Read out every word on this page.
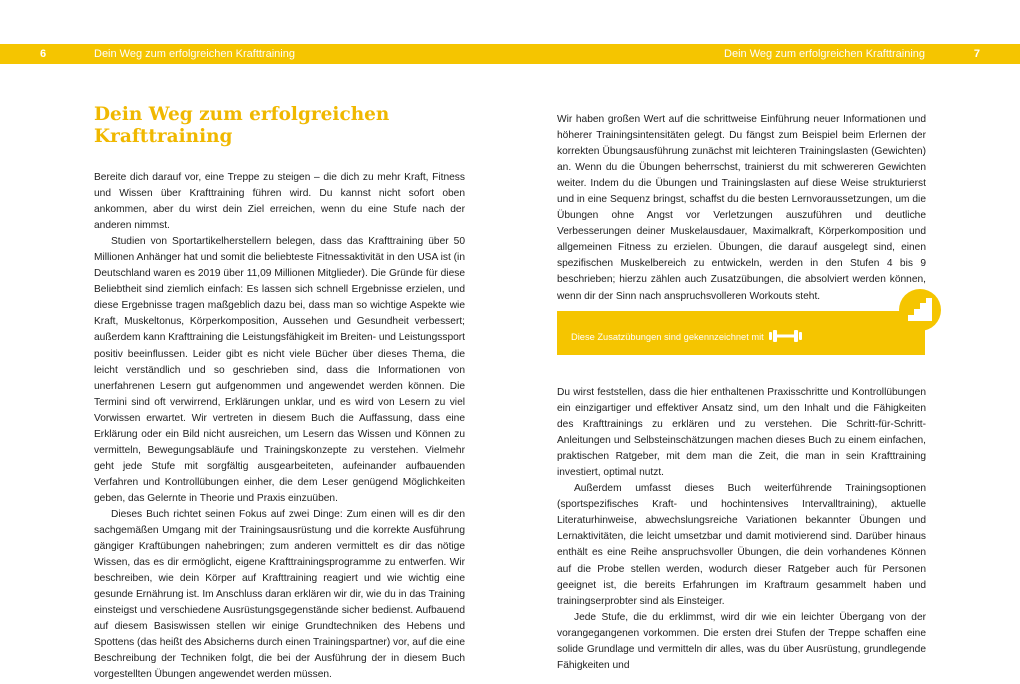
6	Dein Weg zum erfolgreichen Krafttraining	Dein Weg zum erfolgreichen Krafttraining	7
Dein Weg zum erfolgreichen Krafttraining

Bereite dich darauf vor, eine Treppe zu steigen – die dich zu mehr Kraft, Fitness und Wissen über Krafttraining führen wird. Du kannst nicht sofort oben ankommen, aber du wirst dein Ziel erreichen, wenn du eine Stufe nach der anderen nimmst.

Studien von Sportartikelherstellern belegen, dass das Krafttraining über 50 Millionen Anhänger hat und somit die beliebteste Fitnessaktivität in den USA ist (in Deutschland waren es 2019 über 11,09 Millionen Mitglieder). Die Gründe für diese Beliebtheit sind ziemlich einfach: Es lassen sich schnell Ergebnisse erzielen, und diese Ergebnisse tragen maßgeblich dazu bei, dass man so wichtige Aspekte wie Kraft, Muskeltonus, Körperkomposition, Aussehen und Gesundheit verbessert; außerdem kann Krafttraining die Leistungsfähigkeit im Breiten- und Leistungssport positiv beeinflussen. Leider gibt es nicht viele Bücher über dieses Thema, die leicht verständlich und so geschrieben sind, dass die Informationen von unerfahrenen Lesern gut aufgenommen und angewendet werden können. Die Termini sind oft verwirrend, Erklärungen unklar, und es wird von Lesern zu viel Vorwissen erwartet. Wir vertreten in diesem Buch die Auffassung, dass eine Erklärung oder ein Bild nicht ausreichen, um Lesern das Wissen und Können zu vermitteln, Bewegungsabläufe und Trainingskonzepte zu verstehen. Vielmehr geht jede Stufe mit sorgfältig ausgearbeiteten, aufeinander aufbauenden Verfahren und Kontrollübungen einher, die dem Leser genügend Möglichkeiten geben, das Gelernte in Theorie und Praxis einzuüben.

Dieses Buch richtet seinen Fokus auf zwei Dinge: Zum einen will es dir den sachgemäßen Umgang mit der Trainingsausrüstung und die korrekte Ausführung gängiger Kraftübungen nahebringen; zum anderen vermittelt es dir das nötige Wissen, das es dir ermöglicht, eigene Krafttrainingsprogramme zu entwerfen. Wir beschreiben, wie dein Körper auf Krafttraining reagiert und wie wichtig eine gesunde Ernährung ist. Im Anschluss daran erklären wir dir, wie du in das Training einsteigst und verschiedene Ausrüstungsgegenstände sicher bedienst. Aufbauend auf diesem Basiswissen stellen wir einige Grundtechniken des Hebens und Spottens (das heißt des Absicherns durch einen Trainingspartner) vor, auf die eine Beschreibung der Techniken folgt, die bei der Ausführung der in diesem Buch vorgestellten Übungen angewendet werden müssen.

Wir haben großen Wert auf die schrittweise Einführung neuer Informationen und höherer Trainingsintensitäten gelegt. Du fängst zum Beispiel beim Erlernen der korrekten Übungsausführung zunächst mit leichteren Trainingslasten (Gewichten) an. Wenn du die Übungen beherrschst, trainierst du mit schwereren Gewichten weiter. Indem du die Übungen und Trainingslasten auf diese Weise strukturierst und in eine Sequenz bringst, schaffst du die besten Lernvoraussetzungen, um die Übungen ohne Angst vor Verletzungen auszuführen und deutliche Verbesserungen deiner Muskelausdauer, Maximalkraft, Körperkomposition und allgemeinen Fitness zu erzielen. Übungen, die darauf ausgelegt sind, einen spezifischen Muskelbereich zu entwickeln, werden in den Stufen 4 bis 9 beschrieben; hierzu zählen auch Zusatzübungen, die absolviert werden können, wenn dir der Sinn nach anspruchsvolleren Workouts steht.

Diese Zusatzübungen sind gekennzeichnet mit

Du wirst feststellen, dass die hier enthaltenen Praxisschritte und Kontrollübungen ein einzigartiger und effektiver Ansatz sind, um den Inhalt und die Fähigkeiten des Krafttrainings zu erklären und zu verstehen. Die Schritt-für-Schritt-Anleitungen und Selbsteinschätzungen machen dieses Buch zu einem einfachen, praktischen Ratgeber, mit dem man die Zeit, die man in sein Krafttraining investiert, optimal nutzt.

Außerdem umfasst dieses Buch weiterführende Trainingsoptionen (sportspezifisches Kraft- und hochintensives Intervalltraining), aktuelle Literaturhinweise, abwechslungsreiche Variationen bekannter Übungen und Lernaktivitäten, die leicht umsetzbar und damit motivierend sind. Darüber hinaus enthält es eine Reihe anspruchsvoller Übungen, die dein vorhandenes Können auf die Probe stellen werden, wodurch dieser Ratgeber auch für Personen geeignet ist, die bereits Erfahrungen im Kraftraum gesammelt haben und trainingserprobter sind als Einsteiger.

Jede Stufe, die du erklimmst, wird dir wie ein leichter Übergang von der vorangegangenen vorkommen. Die ersten drei Stufen der Treppe schaffen eine solide Grundlage und vermitteln dir alles, was du über Ausrüstung, grundlegende Fähigkeiten und
